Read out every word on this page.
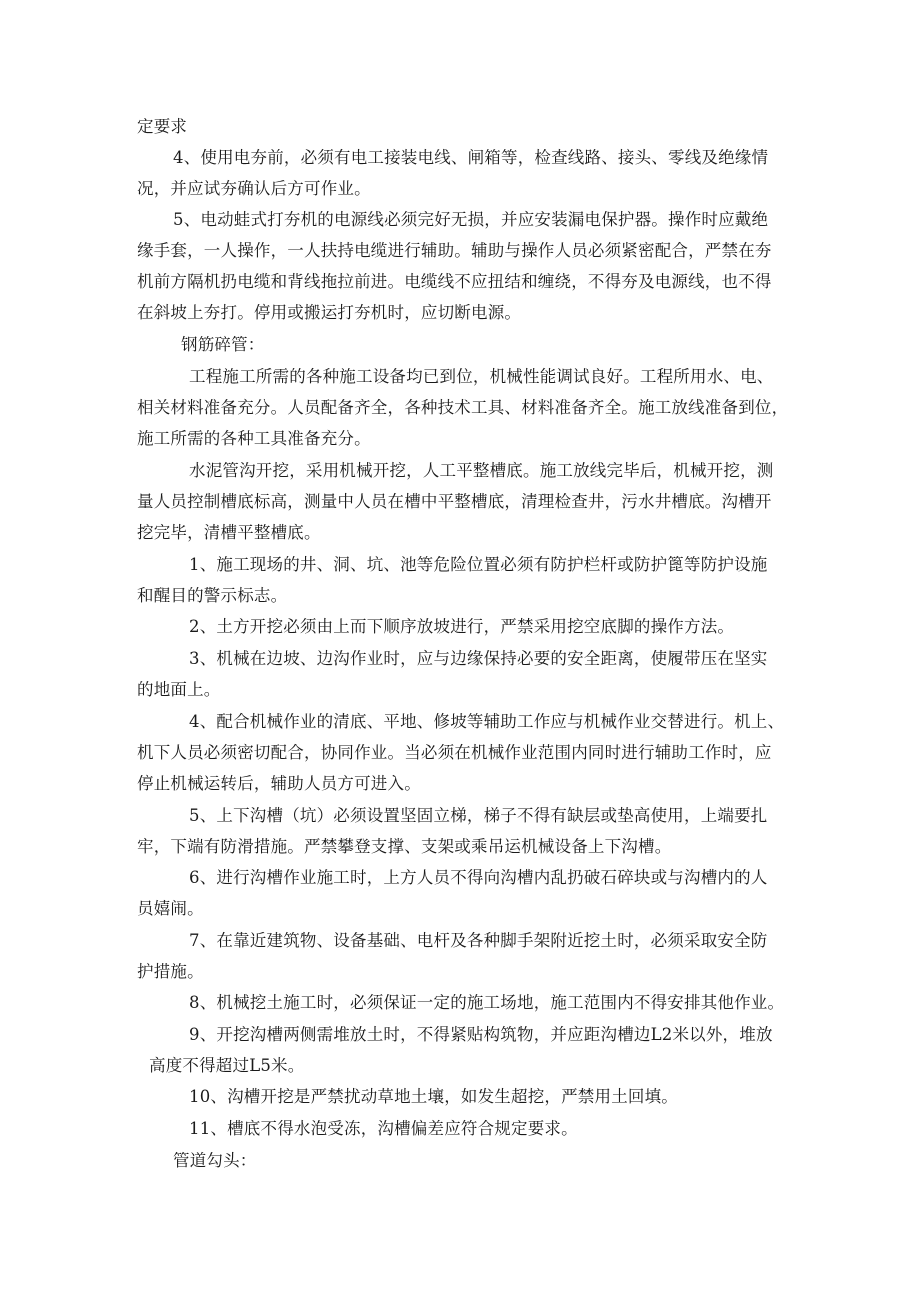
定要求

4、使用电夯前，必须有电工接装电线、闸箱等，检查线路、接头、零线及绝缘情

况，并应试夯确认后方可作业。

5、电动蛙式打夯机的电源线必须完好无损，并应安装漏电保护器。操作时应戴绝

缘手套，一人操作，一人扶持电缆进行辅助。辅助与操作人员必须紧密配合，严禁在夯

机前方隔机扔电缆和背线拖拉前进。电缆线不应扭结和缠绕，不得夯及电源线，也不得

在斜坡上夯打。停用或搬运打夯机时，应切断电源。

钢筋碎管：

工程施工所需的各种施工设备均已到位，机械性能调试良好。工程所用水、电、

相关材料准备充分。人员配备齐全，各种技术工具、材料准备齐全。施工放线准备到位，

施工所需的各种工具准备充分。

水泥管沟开挖，采用机械开挖，人工平整槽底。施工放线完毕后，机械开挖，测

量人员控制槽底标高，测量中人员在槽中平整槽底，清理检查井，污水井槽底。沟槽开

挖完毕，清槽平整槽底。

1、施工现场的井、洞、坑、池等危险位置必须有防护栏杆或防护篦等防护设施

和醒目的警示标志。

2、土方开挖必须由上而下顺序放坡进行，严禁采用挖空底脚的操作方法。

3、机械在边坡、边沟作业时，应与边缘保持必要的安全距离，使履带压在坚实

的地面上。

4、配合机械作业的清底、平地、修坡等辅助工作应与机械作业交替进行。机上、

机下人员必须密切配合，协同作业。当必须在机械作业范围内同时进行辅助工作时，应

停止机械运转后，辅助人员方可进入。

5、上下沟槽（坑）必须设置坚固立梯，梯子不得有缺层或垫高使用，上端要扎

牢，下端有防滑措施。严禁攀登支撑、支架或乘吊运机械设备上下沟槽。

6、进行沟槽作业施工时，上方人员不得向沟槽内乱扔破石碎块或与沟槽内的人

员嬉闹。

7、在靠近建筑物、设备基础、电杆及各种脚手架附近挖土时，必须采取安全防

护措施。

8、机械挖土施工时，必须保证一定的施工场地，施工范围内不得安排其他作业。

9、开挖沟槽两侧需堆放土时，不得紧贴构筑物，并应距沟槽边L2米以外，堆放

高度不得超过L5米。

10、沟槽开挖是严禁扰动草地土壤，如发生超挖，严禁用土回填。

11、槽底不得水泡受冻，沟槽偏差应符合规定要求。

管道勾头：
